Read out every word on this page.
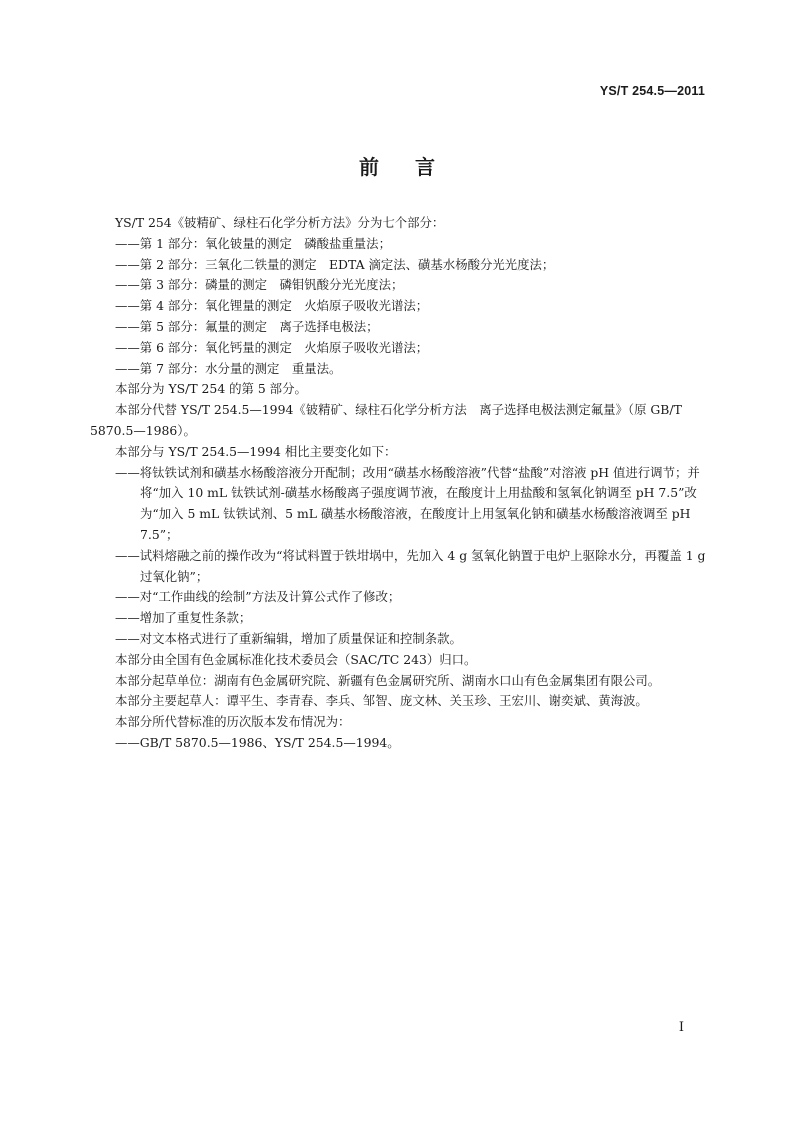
YS/T 254.5—2011
前言

YS/T 254《铍精矿、绿柱石化学分析方法》分为七个部分：

——第 1 部分：氧化铍量的测定　磷酸盐重量法；

——第 2 部分：三氧化二铁量的测定　EDTA 滴定法、磺基水杨酸分光光度法；

——第 3 部分：磷量的测定　磷钼钒酸分光光度法；

——第 4 部分：氧化锂量的测定　火焰原子吸收光谱法；

——第 5 部分：氟量的测定　离子选择电极法；

——第 6 部分：氧化钙量的测定　火焰原子吸收光谱法；

——第 7 部分：水分量的测定　重量法。

本部分为 YS/T 254 的第 5 部分。

本部分代替 YS/T 254.5—1994《铍精矿、绿柱石化学分析方法　离子选择电极法测定氟量》（原 GB/T 5870.5—1986）。

本部分与 YS/T 254.5—1994 相比主要变化如下：

——将钛铁试剂和磺基水杨酸溶液分开配制；改用“磺基水杨酸溶液”代替“盐酸”对溶液 pH 值进行调节；并将“加入 10 mL 钛铁试剂-磺基水杨酸离子强度调节液，在酸度计上用盐酸和氢氧化钠调至 pH 7.5”改为“加入 5 mL 钛铁试剂、5 mL 磺基水杨酸溶液，在酸度计上用氢氧化钠和磺基水杨酸溶液调至 pH 7.5”；

——试料熔融之前的操作改为“将试料置于铁坩埚中，先加入 4 g 氢氧化钠置于电炉上驱除水分，再覆盖 1 g 过氧化钠”；

——对“工作曲线的绘制”方法及计算公式作了修改；

——增加了重复性条款；

——对文本格式进行了重新编辑，增加了质量保证和控制条款。

本部分由全国有色金属标准化技术委员会（SAC/TC 243）归口。

本部分起草单位：湖南有色金属研究院、新疆有色金属研究所、湖南水口山有色金属集团有限公司。

本部分主要起草人：谭平生、李青春、李兵、邹智、庞文林、关玉珍、王宏川、谢奕斌、黄海波。

本部分所代替标准的历次版本发布情况为：

——GB/T 5870.5—1986、YS/T 254.5—1994。

I
